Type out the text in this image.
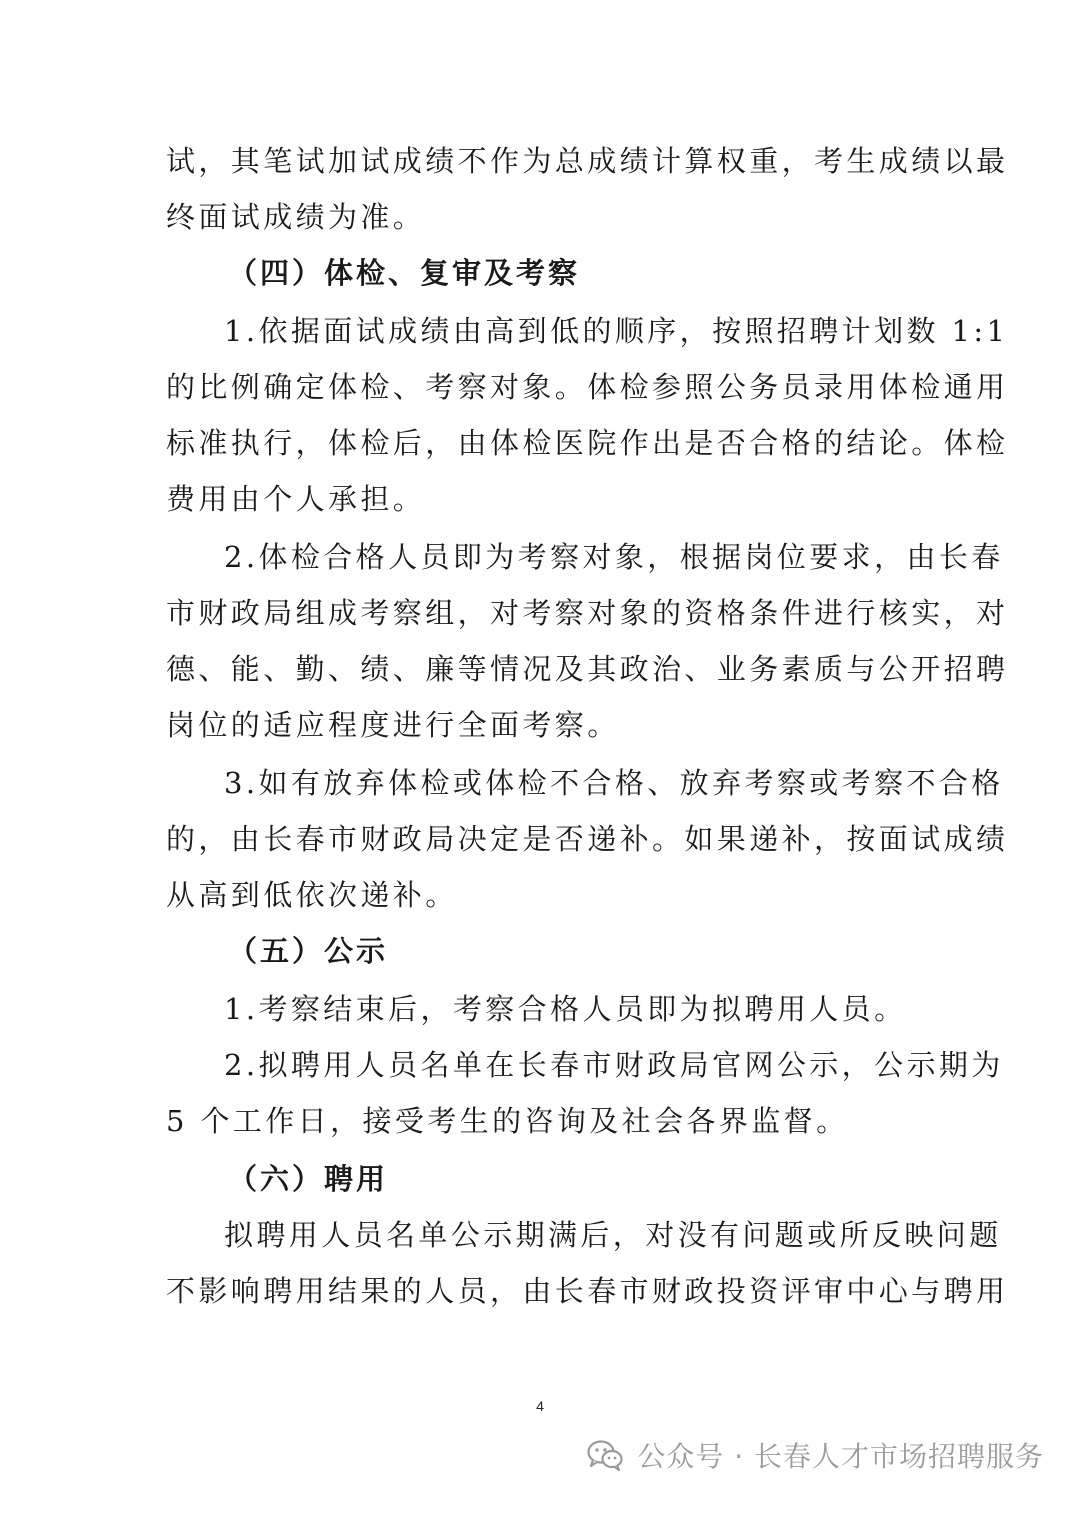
试，其笔试加试成绩不作为总成绩计算权重，考生成绩以最
终面试成绩为准。
（四）体检、复审及考察
1.依据面试成绩由高到低的顺序，按照招聘计划数 1:1
的比例确定体检、考察对象。体检参照公务员录用体检通用
标准执行，体检后，由体检医院作出是否合格的结论。体检
费用由个人承担。
2.体检合格人员即为考察对象，根据岗位要求，由长春
市财政局组成考察组，对考察对象的资格条件进行核实，对
德、能、勤、绩、廉等情况及其政治、业务素质与公开招聘
岗位的适应程度进行全面考察。
3.如有放弃体检或体检不合格、放弃考察或考察不合格
的，由长春市财政局决定是否递补。如果递补，按面试成绩
从高到低依次递补。
（五）公示
1.考察结束后，考察合格人员即为拟聘用人员。
2.拟聘用人员名单在长春市财政局官网公示，公示期为
5 个工作日，接受考生的咨询及社会各界监督。
（六）聘用
拟聘用人员名单公示期满后，对没有问题或所反映问题
不影响聘用结果的人员，由长春市财政投资评审中心与聘用
4
公众号 · 长春人才市场招聘服务
